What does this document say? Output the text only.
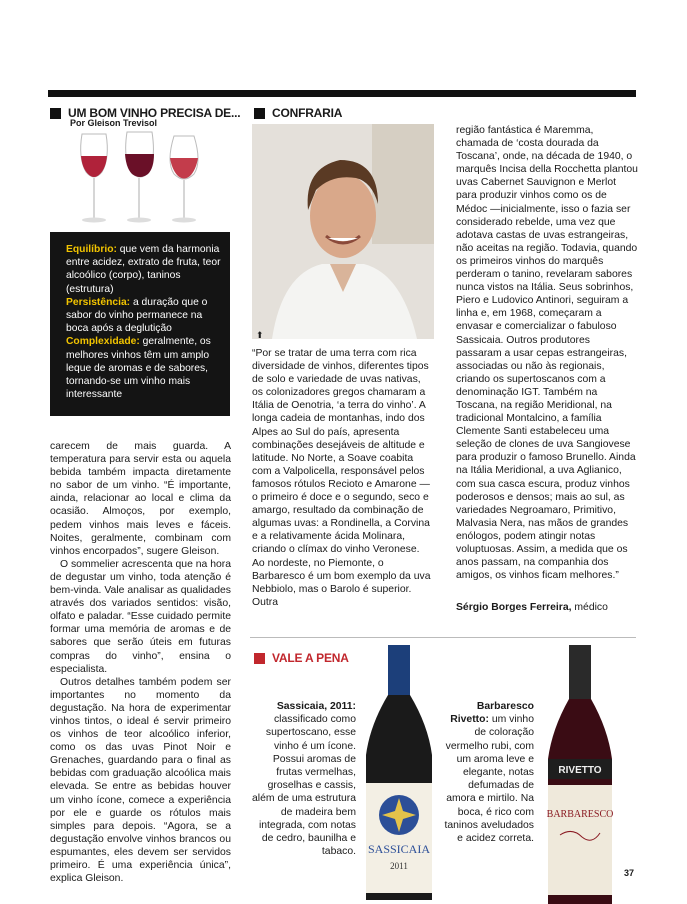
UM BOM VINHO PRECISA DE...
Por Gleison Trevisol

Equilíbrio: que vem da harmonia entre acidez, extrato de fruta, teor alcoólico (corpo), taninos (estrutura)

Persistência: a duração que o sabor do vinho permanece na boca após a deglutição

Complexidade: geralmente, os melhores vinhos têm um amplo leque de aromas e de sabores, tornando-se um vinho mais interessante

carecem de mais guarda. A temperatura para servir esta ou aquela bebida também impacta diretamente no sabor de um vinho. “É importante, ainda, relacionar ao local e clima da ocasião. Almoços, por exemplo, pedem vinhos mais leves e fáceis. Noites, geralmente, combinam com vinhos encorpados”, sugere Gleison.

O sommelier acrescenta que na hora de degustar um vinho, toda atenção é bem-vinda. Vale analisar as qualidades através dos variados sentidos: visão, olfato e paladar. “Esse cuidado permite formar uma memória de aromas e de sabores que serão úteis em futuras compras do vinho”, ensina o especialista.

Outros detalhes também podem ser importantes no momento da degustação. Na hora de experimentar vinhos tintos, o ideal é servir primeiro os vinhos de teor alcoólico inferior, como os das uvas Pinot Noir e Grenaches, guardando para o final as bebidas com graduação alcoólica mais elevada. Se entre as bebidas houver um vinho ícone, comece a experiência por ele e guarde os rótulos mais simples para depois. “Agora, se a degustação envolve vinhos brancos ou espumantes, eles devem ser servidos primeiro. É uma experiência única”, explica Gleison.

CONFRARIA
⬆

“Por se tratar de uma terra com rica diversidade de vinhos, diferentes tipos de solo e variedade de uvas nativas, os colonizadores gregos chamaram a Itália de Oenotria, ‘a terra do vinho’. A longa cadeia de montanhas, indo dos Alpes ao Sul do país, apresenta combinações desejáveis de altitude e latitude. No Norte, a Soave coabita com a Valpolicella, responsável pelos famosos rótulos Recioto e Amarone — o primeiro é doce e o segundo, seco e amargo, resultado da combinação de algumas uvas: a Rondinella, a Corvina e a relativamente ácida Molinara, criando o clímax do vinho Veronese. Ao nordeste, no Piemonte, o Barbaresco é um bom exemplo da uva Nebbiolo, mas o Barolo é superior. Outra

região fantástica é Maremma, chamada de ‘costa dourada da Toscana’, onde, na década de 1940, o marquês Incisa della Rocchetta plantou uvas Cabernet Sauvignon e Merlot para produzir vinhos como os de Médoc —inicialmente, isso o fazia ser considerado rebelde, uma vez que adotava castas de uvas estrangeiras, não aceitas na região. Todavia, quando os primeiros vinhos do marquês perderam o tanino, revelaram sabores nunca vistos na Itália. Seus sobrinhos, Piero e Ludovico Antinori, seguiram a linha e, em 1968, começaram a envasar e comercializar o fabuloso Sassicaia. Outros produtores passaram a usar cepas estrangeiras, associadas ou não às regionais, criando os supertoscanos com a denominação IGT. Também na Toscana, na região Meridional, na tradicional Montalcino, a família Clemente Santi estabeleceu uma seleção de clones de uva Sangiovese para produzir o famoso Brunello. Ainda na Itália Meridional, a uva Aglianico, com sua casca escura, produz vinhos poderosos e densos; mais ao sul, as variedades Negroamaro, Primitivo, Malvasia Nera, nas mãos de grandes enólogos, podem atingir notas voluptuosas. Assim, a medida que os anos passam, na companhia dos amigos, os vinhos ficam melhores.”

Sérgio Borges Ferreira, médico
VALE A PENA
Sassicaia, 2011: classificado como supertoscano, esse vinho é um ícone. Possui aromas de frutas vermelhas, groselhas e cassis, além de uma estrutura de madeira bem integrada, com notas de cedro, baunilha e tabaco. SASSICAIA
2011
Barbaresco Rivetto: um vinho de coloração vermelho rubi, com um aroma leve e elegante, notas defumadas de amora e mirtilo. Na boca, é rico com taninos aveludados e acidez correta.
RIVETTO
BARBARESCO
37
